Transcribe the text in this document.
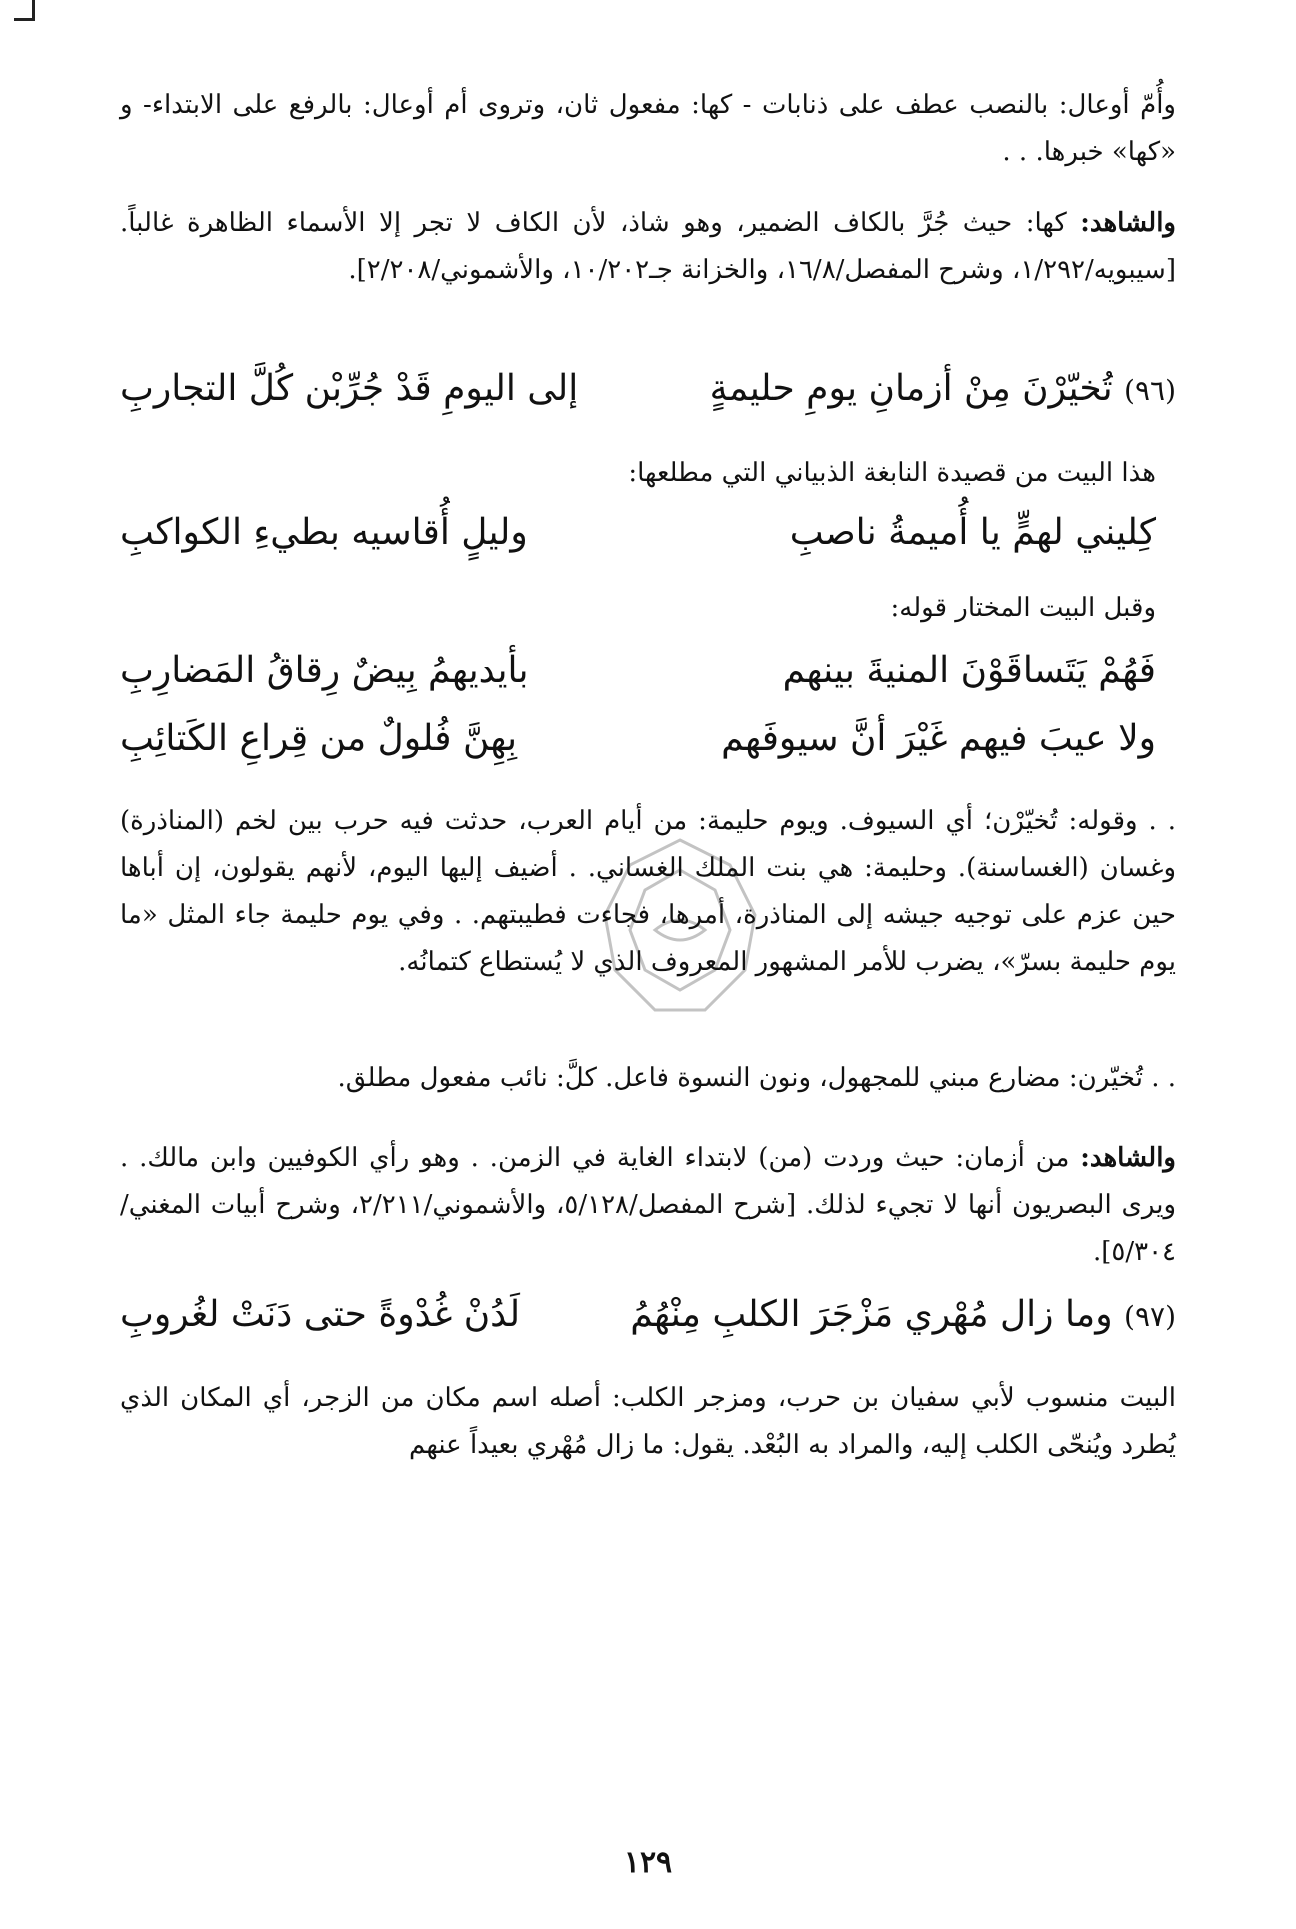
وأُمّ أوعال: بالنصب عطف على ذنابات - كها: مفعول ثان، وتروى أم أوعال: بالرفع على الابتداء- و «كها» خبرها. . .

والشاهد: كها: حيث جُرَّ بالكاف الضمير، وهو شاذ، لأن الكاف لا تجر إلا الأسماء الظاهرة غالباً. [سيبويه/١/٢٩٢، وشرح المفصل/١٦/٨، والخزانة جـ١٠/٢٠٢، والأشموني/٢/٢٠٨].

(٩٦) تُخيّرْنَ مِنْ أزمانِ يومِ حليمةٍ
إلى اليومِ قَدْ جُرِّبْن كُلَّ التجاربِ

هذا البيت من قصيدة النابغة الذبياني التي مطلعها:

كِليني لهمٍّ يا أُميمةُ ناصبِ
وليلٍ أُقاسيه بطيءِ الكواكبِ

وقبل البيت المختار قوله:

فَهُمْ يَتَساقَوْنَ المنيةَ بينهم
بأيديهمُ بِيضٌ رِقاقُ المَضارِبِ
ولا عيبَ فيهم غَيْرَ أنَّ سيوفَهم
بِهِنَّ فُلولٌ من قِراعِ الكَتائِبِ

. . وقوله: تُخيّرْن؛ أي السيوف. ويوم حليمة: من أيام العرب، حدثت فيه حرب بين لخم (المناذرة) وغسان (الغساسنة). وحليمة: هي بنت الملك الغساني. . أضيف إليها اليوم، لأنهم يقولون، إن أباها حين عزم على توجيه جيشه إلى المناذرة، أمرها، فجاءت فطيبتهم. . وفي يوم حليمة جاء المثل «ما يوم حليمة بسرّ»، يضرب للأمر المشهور المعروف الذي لا يُستطاع كتمانُه.

. . تُخيّرن: مضارع مبني للمجهول، ونون النسوة فاعل. كلَّ: نائب مفعول مطلق.

والشاهد: من أزمان: حيث وردت (من) لابتداء الغاية في الزمن. . وهو رأي الكوفيين وابن مالك. . ويرى البصريون أنها لا تجيء لذلك. [شرح المفصل/٥/١٢٨، والأشموني/٢/٢١١، وشرح أبيات المغني/٥/٣٠٤].

(٩٧) وما زال مُهْري مَزْجَرَ الكلبِ مِنْهُمُ
لَدُنْ غُدْوةً حتى دَنَتْ لغُروبِ

البيت منسوب لأبي سفيان بن حرب، ومزجر الكلب: أصله اسم مكان من الزجر، أي المكان الذي يُطرد ويُنحّى الكلب إليه، والمراد به البُعْد. يقول: ما زال مُهْري بعيداً عنهم

١٢٩
